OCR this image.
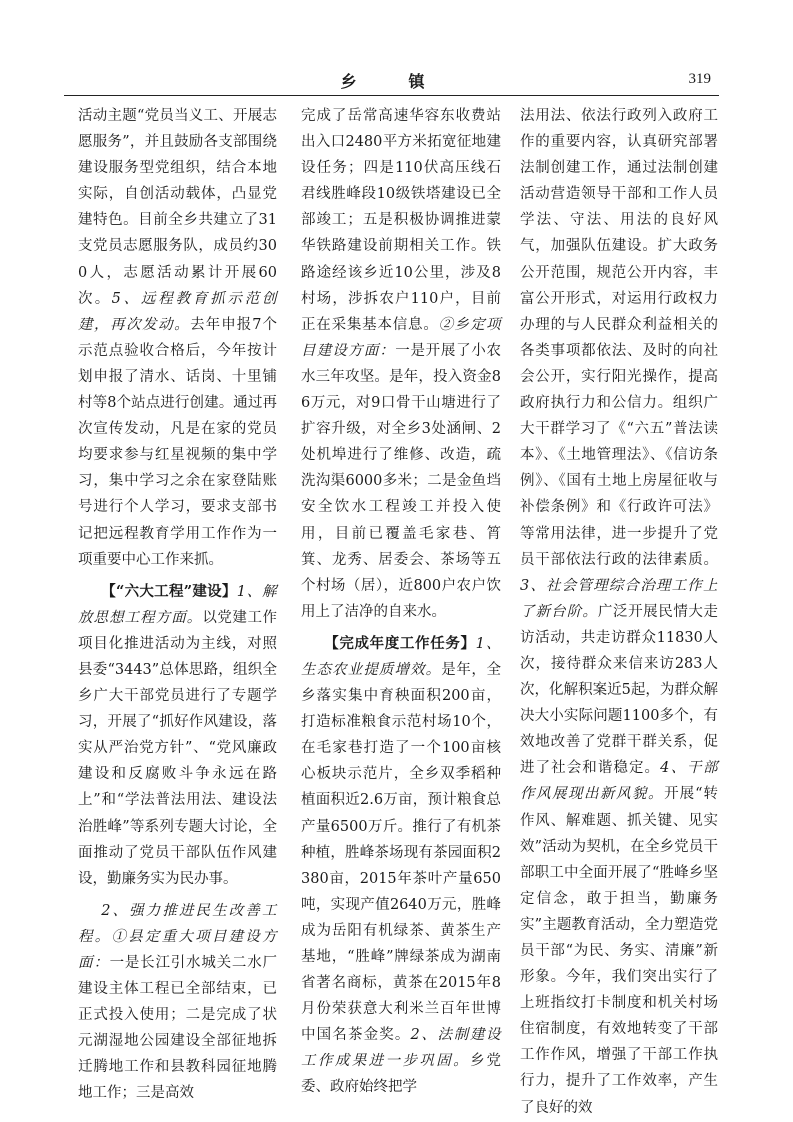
乡　镇	319

活动主题“党员当义工、开展志愿服务”，并且鼓励各支部围绕建设服务型党组织，结合本地实际，自创活动载体，凸显党建特色。目前全乡共建立了31支党员志愿服务队，成员约300人，志愿活动累计开展60次。5、远程教育抓示范创建，再次发动。去年申报7个示范点验收合格后，今年按计划申报了清水、话岗、十里铺村等8个站点进行创建。通过再次宣传发动，凡是在家的党员均要求参与红星视频的集中学习，集中学习之余在家登陆账号进行个人学习，要求支部书记把远程教育学用工作作为一项重要中心工作来抓。

【“六大工程”建设】1、解放思想工程方面。以党建工作项目化推进活动为主线，对照县委“3443”总体思路，组织全乡广大干部党员进行了专题学习，开展了“抓好作风建设，落实从严治党方针”、“党风廉政建设和反腐败斗争永远在路上”和“学法普法用法、建设法治胜峰”等系列专题大讨论，全面推动了党员干部队伍作风建设，勤廉务实为民办事。

2、强力推进民生改善工程。①县定重大项目建设方面：一是长江引水城关二水厂建设主体工程已全部结束，已正式投入使用；二是完成了状元湖湿地公园建设全部征地拆迁腾地工作和县教科园征地腾地工作；三是高效

完成了岳常高速华容东收费站出入口2480平方米拓宽征地建设任务；四是110伏高压线石君线胜峰段10级铁塔建设已全部竣工；五是积极协调推进蒙华铁路建设前期相关工作。铁路途经该乡近10公里，涉及8村场，涉拆农户110户，目前正在采集基本信息。②乡定项目建设方面：一是开展了小农水三年攻坚。是年，投入资金86万元，对9口骨干山塘进行了扩容升级，对全乡3处涵闸、2处机埠进行了维修、改造，疏洗沟渠6000多米；二是金鱼垱安全饮水工程竣工并投入使用，目前已覆盖毛家巷、筲箕、龙秀、居委会、茶场等五个村场（居），近800户农户饮用上了洁净的自来水。

【完成年度工作任务】1、生态农业提质增效。是年，全乡落实集中育秧面积200亩，打造标准粮食示范村场10个，在毛家巷打造了一个100亩核心板块示范片，全乡双季稻种植面积近2.6万亩，预计粮食总产量6500万斤。推行了有机茶种植，胜峰茶场现有茶园面积2380亩，2015年茶叶产量650吨，实现产值2640万元，胜峰成为岳阳有机绿茶、黄茶生产基地，“胜峰”牌绿茶成为湖南省著名商标，黄茶在2015年8月份荣获意大利米兰百年世博中国名茶金奖。2、法制建设工作成果进一步巩固。乡党委、政府始终把学

法用法、依法行政列入政府工作的重要内容，认真研究部署法制创建工作，通过法制创建活动营造领导干部和工作人员学法、守法、用法的良好风气，加强队伍建设。扩大政务公开范围，规范公开内容，丰富公开形式，对运用行政权力办理的与人民群众利益相关的各类事项都依法、及时的向社会公开，实行阳光操作，提高政府执行力和公信力。组织广大干群学习了《“六五”普法读本》、《土地管理法》、《信访条例》、《国有土地上房屋征收与补偿条例》和《行政许可法》等常用法律，进一步提升了党员干部依法行政的法律素质。3、社会管理综合治理工作上了新台阶。广泛开展民情大走访活动，共走访群众11830人次，接待群众来信来访283人次，化解积案近5起，为群众解决大小实际问题1100多个，有效地改善了党群干群关系，促进了社会和谐稳定。4、干部作风展现出新风貌。开展“转作风、解难题、抓关键、见实效”活动为契机，在全乡党员干部职工中全面开展了“胜峰乡坚定信念，敢于担当，勤廉务实”主题教育活动，全力塑造党员干部“为民、务实、清廉”新形象。今年，我们突出实行了上班指纹打卡制度和机关村场住宿制度，有效地转变了干部工作作风，增强了干部工作执行力，提升了工作效率，产生了良好的效
